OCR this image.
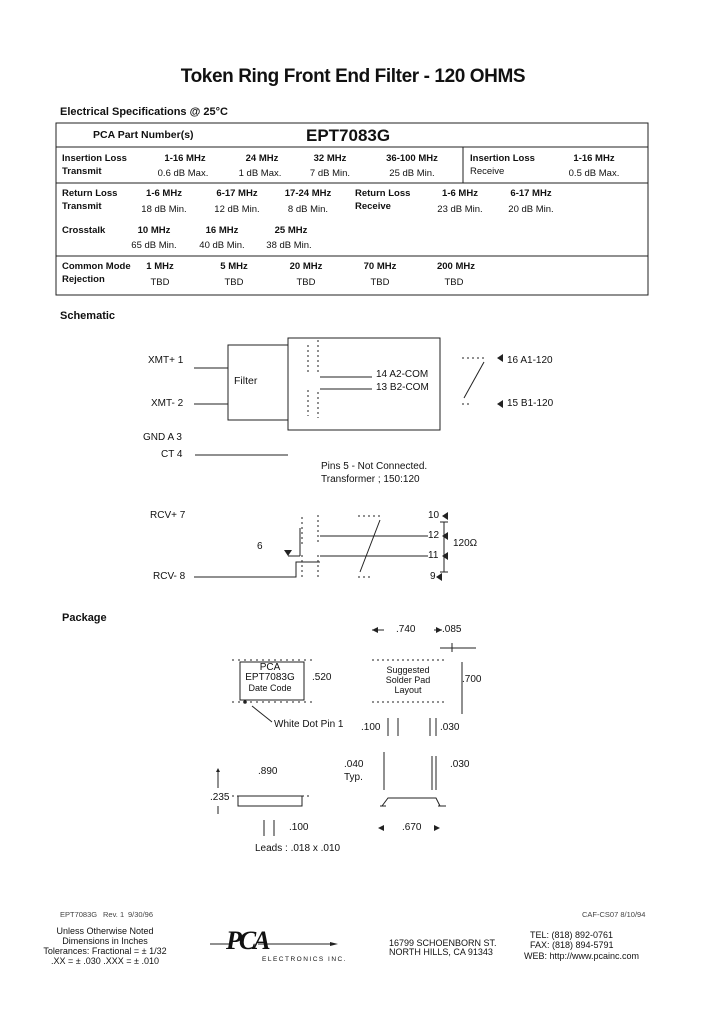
Token Ring Front End Filter - 120 OHMS
Electrical Specifications @ 25°C
PCA Part Number(s)	EPT7083G
Insertion Loss
Transmit
1-16 MHz	24 MHz	32 MHz	36-100 MHz
0.6 dB Max.	1 dB Max.	7 dB Min.	25 dB Min.
Insertion Loss
Receive
1-16 MHz
0.5 dB Max.
Return Loss
Transmit
1-6 MHz	6-17 MHz	17-24 MHz
18 dB Min.	12 dB Min.	8 dB Min.
Return Loss
Receive
1-6 MHz	6-17 MHz
23 dB Min.	20 dB Min.
Crosstalk	10 MHz	16 MHz	25 MHz
65 dB Min. 40 dB Min. 38 dB Min.
Common Mode
Rejection
1 MHz	5 MHz	20 MHz	70 MHz	200 MHz
TBD	TBD	TBD	TBD	TBD
Schematic
XMT+ 1
XMT- 2
GND A 3
CT 4
Filter
14 A2-COM
13 B2-COM
16 A1-120
15 B1-120
Pins 5 - Not Connected.
Transformer ; 150:120
RCV+ 7
RCV- 8
6
10
12
11
9
120Ω
Package
.740	.085
PCA
EPT7083G
Date Code
.520
Suggested
Solder Pad
Layout
.700
White Dot Pin 1 .100	.030
.040
Typ.
.030
.890
.235
.100	.670
Leads : .018 x .010
EPT7083G Rev. 1 9/30/96	CAF-CS07 8/10/94
Unless Otherwise Noted
Dimensions in Inches
Tolerances: Fractional = ± 1/32
.XX = ± .030 .XXX = ± .010
PCA
ELECTRONICS INC.
16799 SCHOENBORN ST.
NORTH HILLS, CA 91343
TEL: (818) 892-0761
FAX: (818) 894-5791
WEB: http://www.pcainc.com
